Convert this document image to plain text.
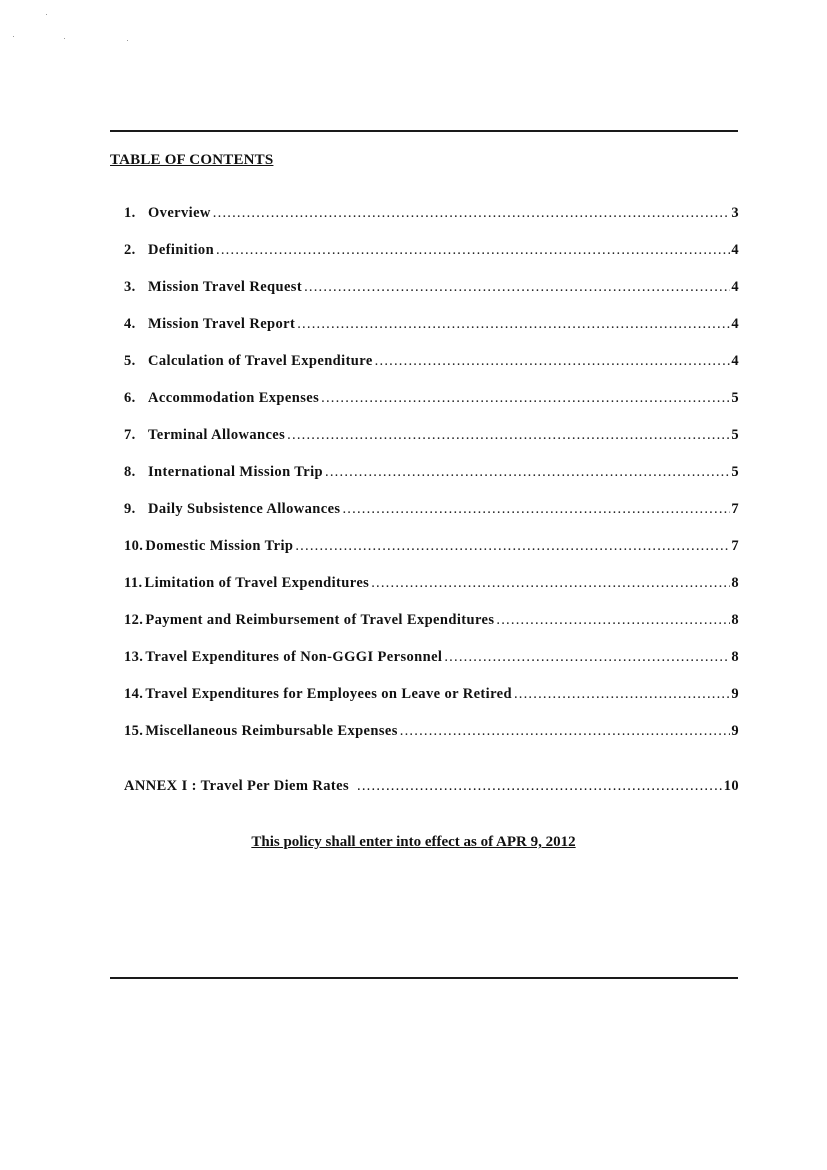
TABLE OF CONTENTS
1. Overview .....	3
2. Definition .....	4
3. Mission Travel Request .....	4
4. Mission Travel Report .....	4
5. Calculation of Travel Expenditure .....	4
6. Accommodation Expenses .....	5
7. Terminal Allowances .....	5
8. International Mission Trip .....	5
9. Daily Subsistence Allowances .....	7
10. Domestic Mission Trip .....	7
11. Limitation of Travel Expenditures .....	8
12. Payment and Reimbursement of Travel Expenditures .....	8
13. Travel Expenditures of Non-GGGI Personnel .....	8
14. Travel Expenditures for Employees on Leave or Retired .....	9
15. Miscellaneous Reimbursable Expenses .....	9
ANNEX I : Travel Per Diem Rates .....	10
This policy shall enter into effect as of APR 9, 2012
